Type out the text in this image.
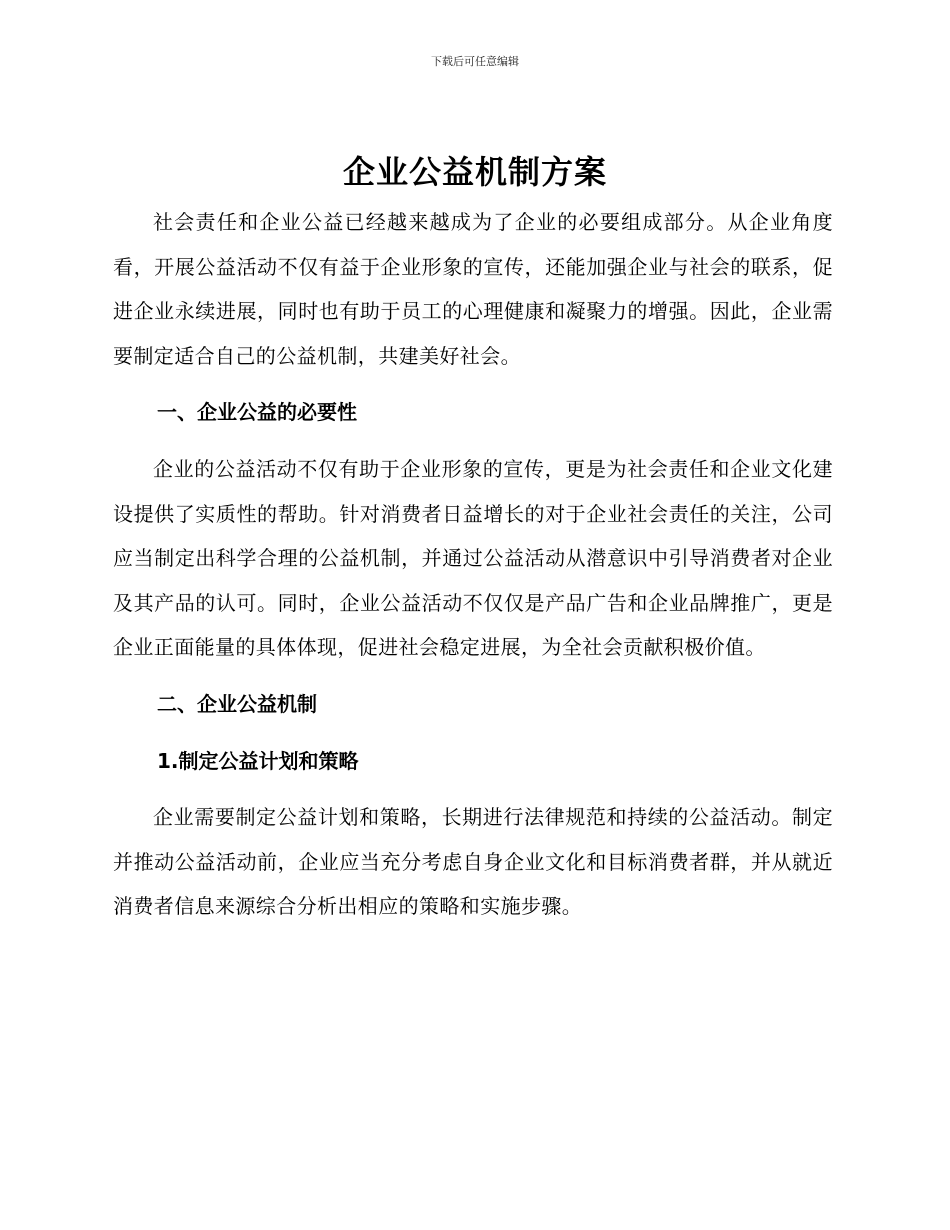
下载后可任意编辑
企业公益机制方案

社会责任和企业公益已经越来越成为了企业的必要组成部分。从企业角度看，开展公益活动不仅有益于企业形象的宣传，还能加强企业与社会的联系，促进企业永续进展，同时也有助于员工的心理健康和凝聚力的增强。因此，企业需要制定适合自己的公益机制，共建美好社会。

一、企业公益的必要性

企业的公益活动不仅有助于企业形象的宣传，更是为社会责任和企业文化建设提供了实质性的帮助。针对消费者日益增长的对于企业社会责任的关注，公司应当制定出科学合理的公益机制，并通过公益活动从潜意识中引导消费者对企业及其产品的认可。同时，企业公益活动不仅仅是产品广告和企业品牌推广，更是企业正面能量的具体体现，促进社会稳定进展，为全社会贡献积极价值。

二、企业公益机制
1.制定公益计划和策略

企业需要制定公益计划和策略，长期进行法律规范和持续的公益活动。制定并推动公益活动前，企业应当充分考虑自身企业文化和目标消费者群，并从就近消费者信息来源综合分析出相应的策略和实施步骤。
